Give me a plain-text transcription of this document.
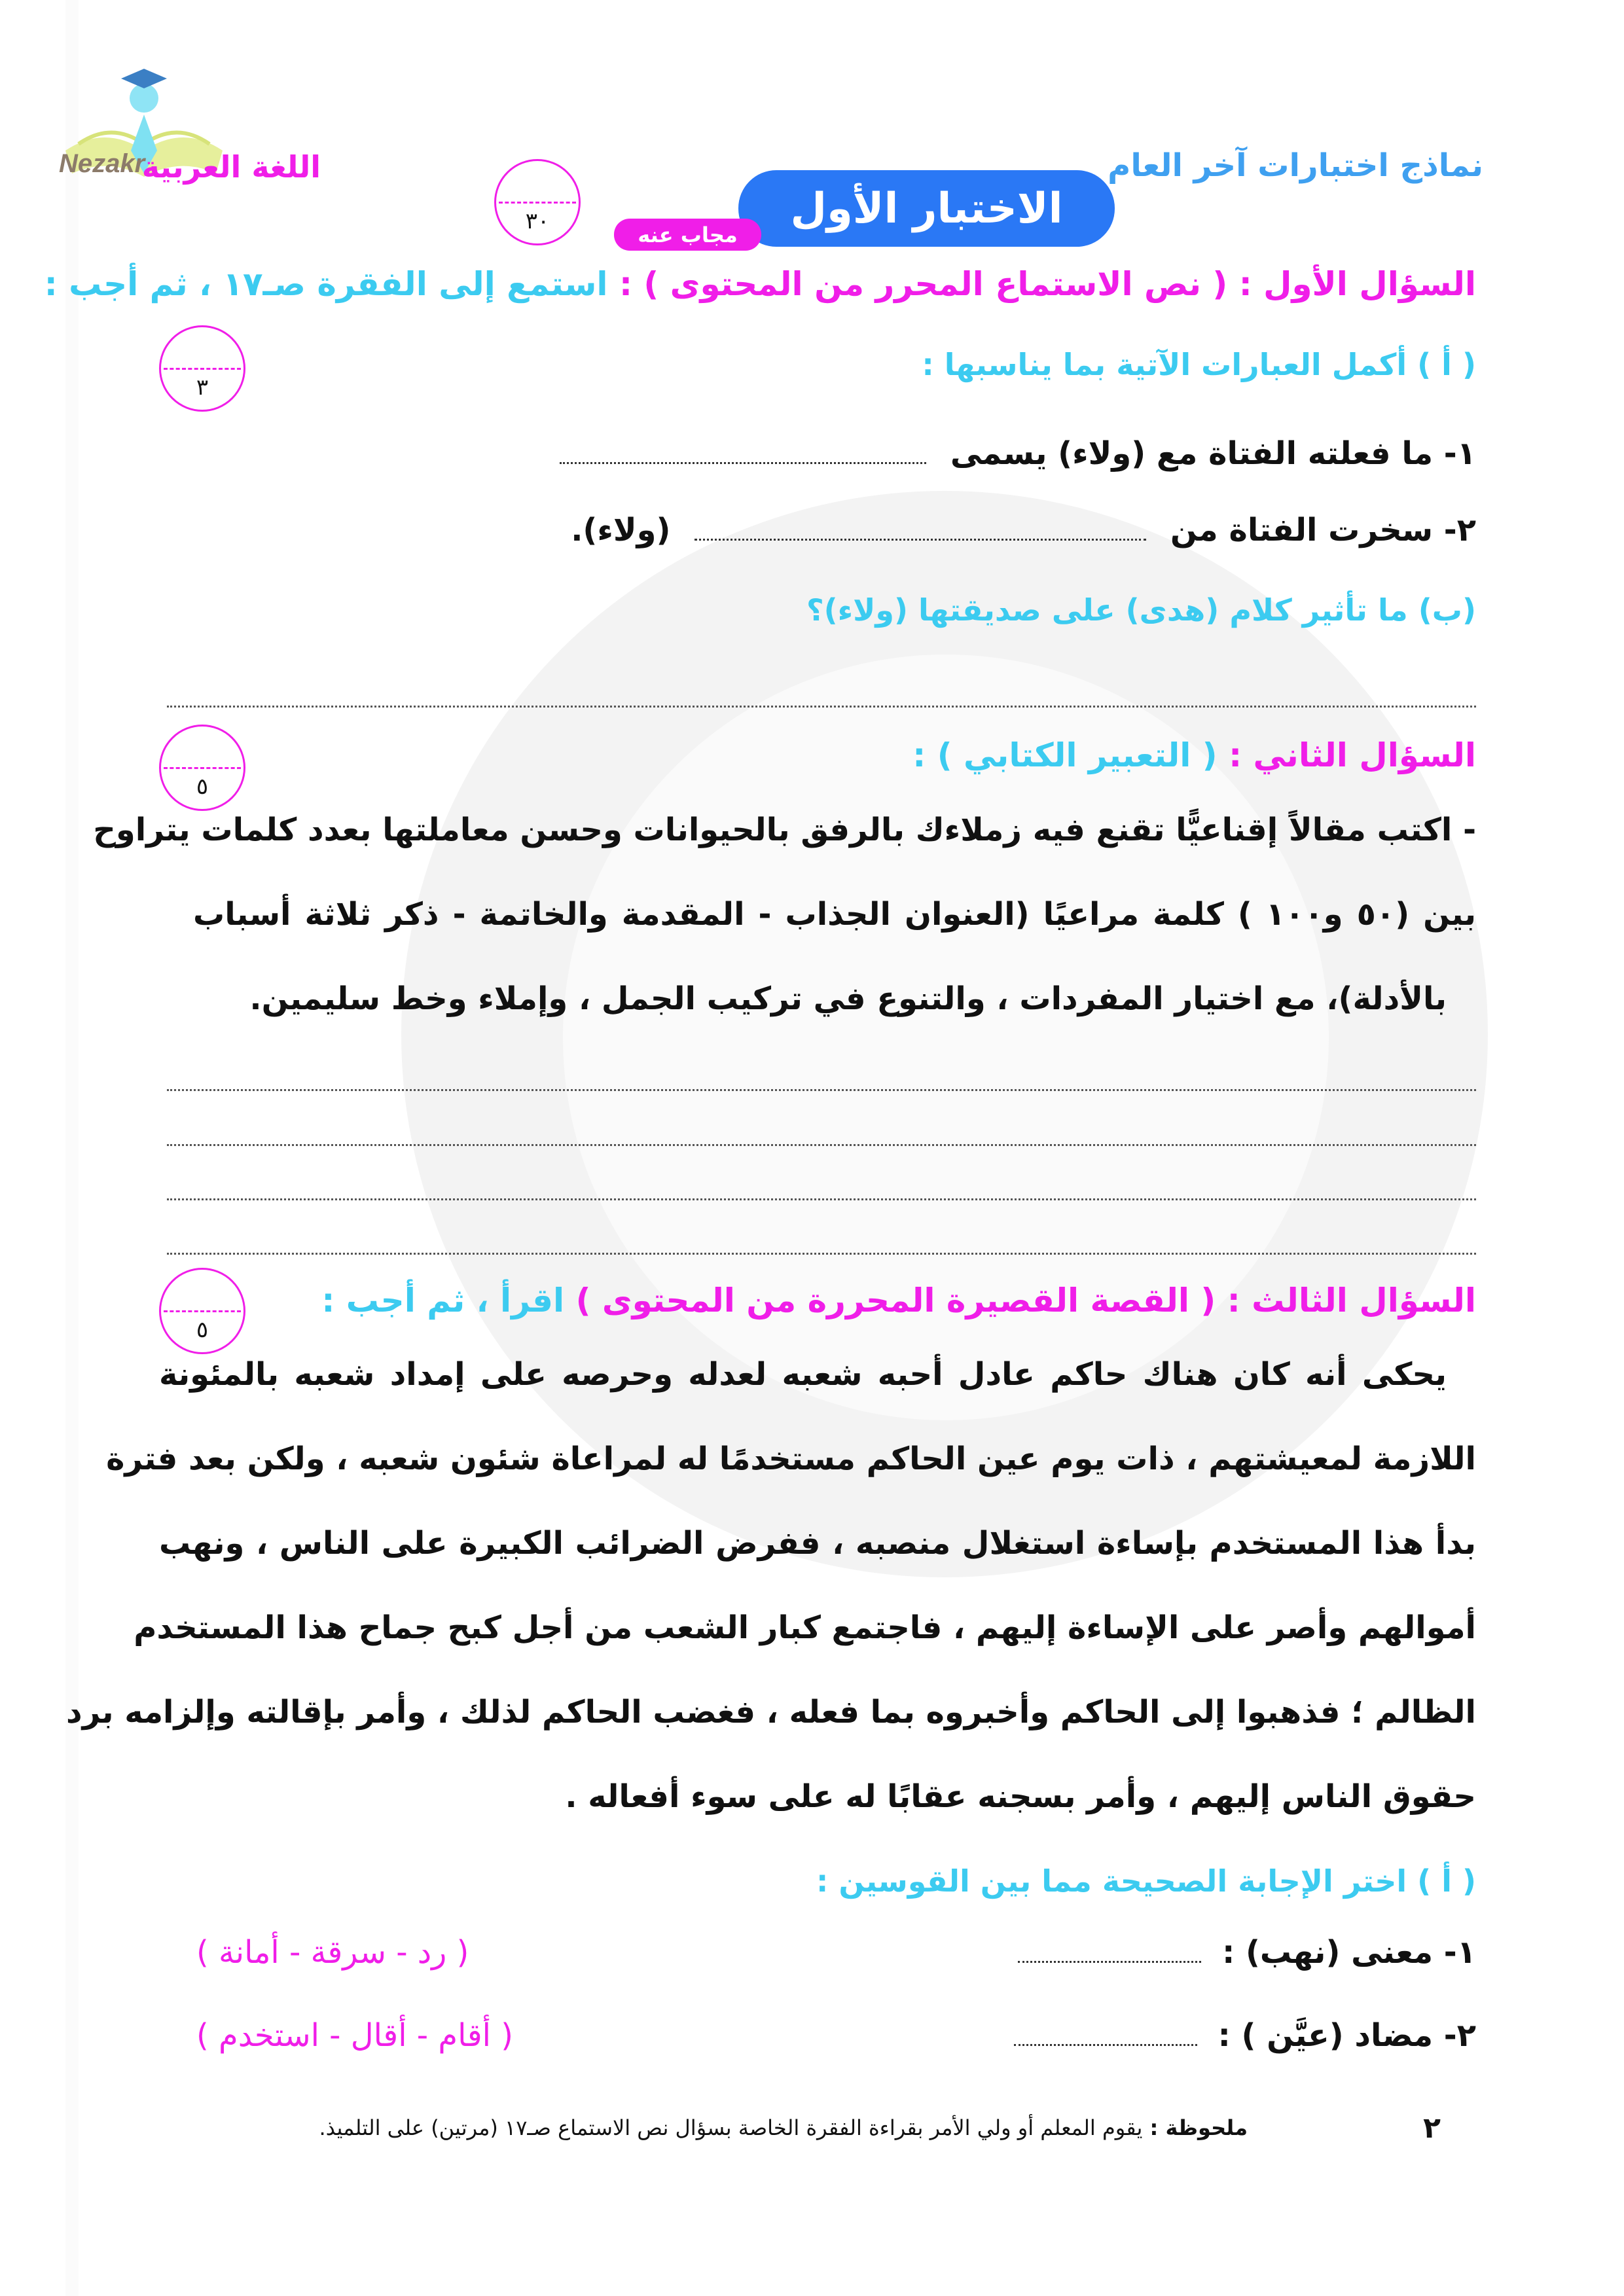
Nezakr
اللغة العربية	نماذج اختبارات آخر العام
الاختبار الأول
مجاب عنه
٣٠
السؤال الأول : ( نص الاستماع المحرر من المحتوى ) : استمع إلى الفقرة صـ١٧ ، ثم أجب :
٣
( أ ) أكمل العبارات الآتية بما يناسبها :
١- ما فعلته الفتاة مع (ولاء) يسمى
٢- سخرت الفتاة من  (ولاء).
(ب) ما تأثير كلام (هدى) على صديقتها (ولاء)؟
السؤال الثاني : ( التعبير الكتابي ) :
٥
- اكتب مقالاً إقناعيًّا تقنع فيه زملاءك بالرفق بالحيوانات وحسن معاملتها بعدد كلمات يتراوح
بين (٥٠ و١٠٠ ) كلمة مراعيًا (العنوان الجذاب - المقدمة والخاتمة - ذكر ثلاثة أسباب
بالأدلة)، مع اختيار المفردات ، والتنوع في تركيب الجمل ، وإملاء وخط سليمين.
السؤال الثالث : ( القصة القصيرة المحررة من المحتوى ) اقرأ ، ثم أجب :
٥
يحكى أنه كان هناك حاكم عادل أحبه شعبه لعدله وحرصه على إمداد شعبه بالمئونة
اللازمة لمعيشتهم ، ذات يوم عين الحاكم مستخدمًا له لمراعاة شئون شعبه ، ولكن بعد فترة
بدأ هذا المستخدم بإساءة استغلال منصبه ، ففرض الضرائب الكبيرة على الناس ، ونهب
أموالهم وأصر على الإساءة إليهم ، فاجتمع كبار الشعب من أجل كبح جماح هذا المستخدم
الظالم ؛ فذهبوا إلى الحاكم وأخبروه بما فعله ، فغضب الحاكم لذلك ، وأمر بإقالته وإلزامه برد
حقوق الناس إليهم ، وأمر بسجنه عقابًا له على سوء أفعاله .
( أ ) اختر الإجابة الصحيحة مما بين القوسين :
١- معنى (نهب) :
( رد - سرقة - أمانة )
٢- مضاد (عيَّن ) :
( أقام - أقال - استخدم )
٢
ملحوظة : يقوم المعلم أو ولي الأمر بقراءة الفقرة الخاصة بسؤال نص الاستماع صـ١٧ (مرتين) على التلميذ.
